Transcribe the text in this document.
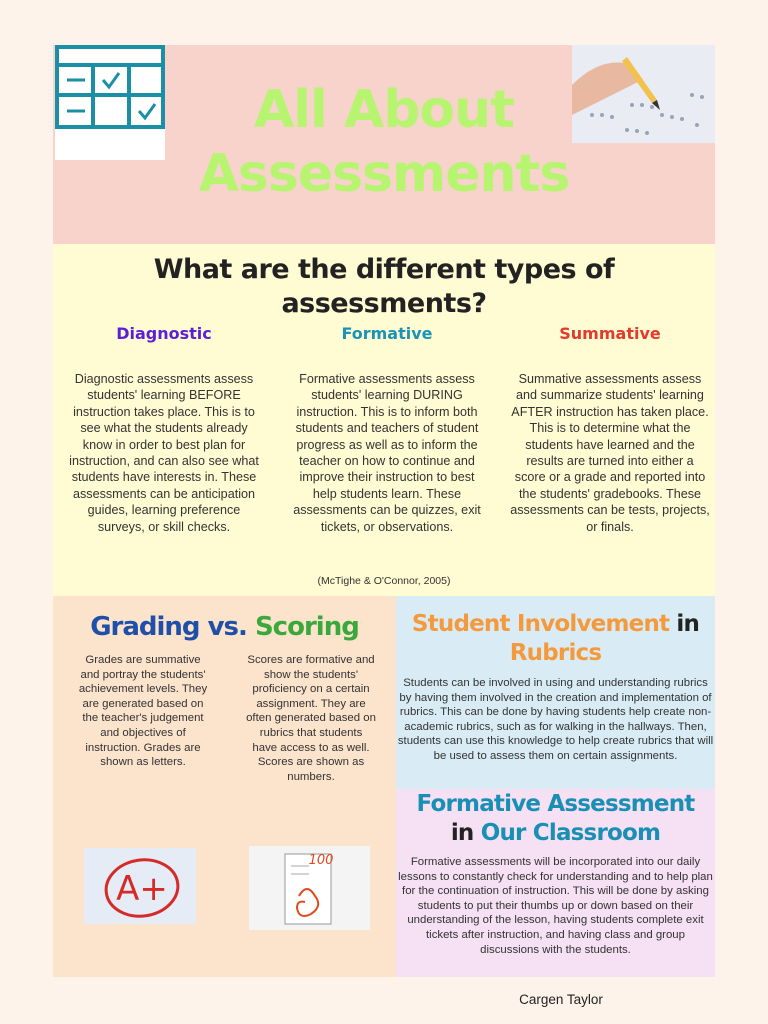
All About
Assessments
What are the different types of assessments?
Diagnostic	Formative	Summative
Diagnostic assessments assess students' learning BEFORE instruction takes place. This is to see what the students already know in order to best plan for instruction, and can also see what students have interests in. These assessments can be anticipation guides, learning preference surveys, or skill checks.
Formative assessments assess students' learning DURING instruction. This is to inform both students and teachers of student progress as well as to inform the teacher on how to continue and improve their instruction to best help students learn. These assessments can be quizzes, exit tickets, or observations.
Summative assessments assess and summarize students' learning AFTER instruction has taken place. This is to determine what the students have learned and the results are turned into either a score or a grade and reported into the students' gradebooks. These assessments can be tests, projects, or finals.
(McTighe & O'Connor, 2005)
Grading vs. Scoring
Grades are summative and portray the students' achievement levels. They are generated based on the teacher's judgement and objectives of instruction. Grades are shown as letters.
Scores are formative and show the students' proficiency on a certain assignment. They are often generated based on rubrics that students have access to as well. Scores are shown as numbers.
A+
100
Student Involvement in
Rubrics
Students can be involved in using and understanding rubrics by having them involved in the creation and implementation of rubrics. This can be done by having students help create non-academic rubrics, such as for walking in the hallways. Then, students can use this knowledge to help create rubrics that will be used to assess them on certain assignments.
Formative Assessment
in Our Classroom
Formative assessments will be incorporated into our daily lessons to constantly check for understanding and to help plan for the continuation of instruction. This will be done by asking students to put their thumbs up or down based on their understanding of the lesson, having students complete exit tickets after instruction, and having class and group discussions with the students.
Cargen Taylor
